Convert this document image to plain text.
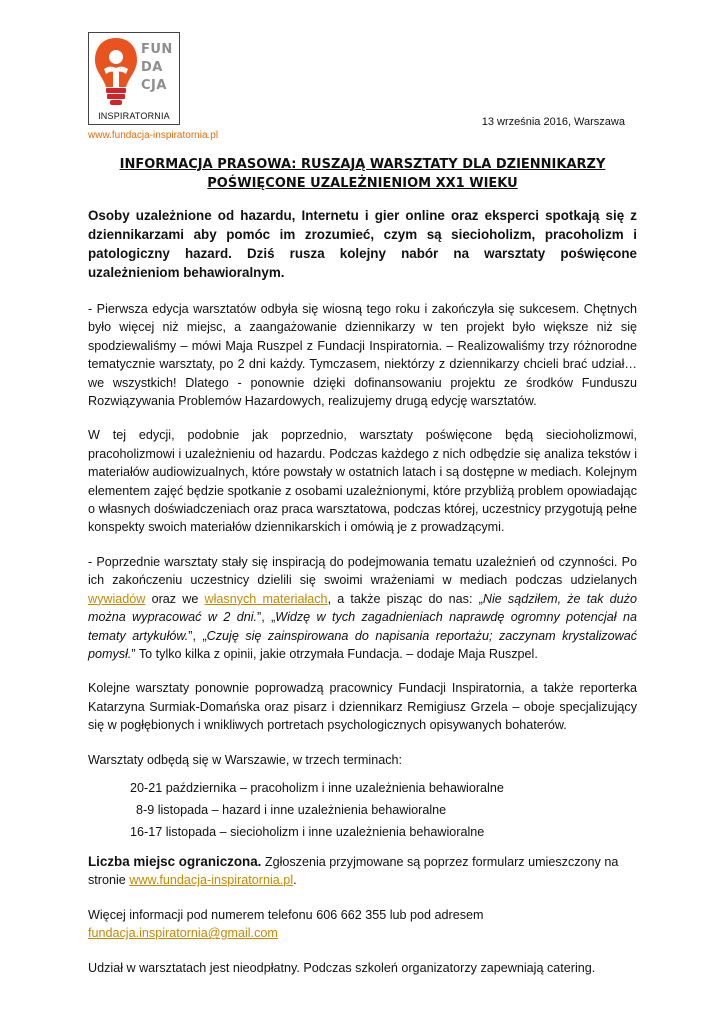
FUN
DA
CJA
INSPIRATORNIA
www.fundacja-inspiratornia.pl
13 września 2016, Warszawa
INFORMACJA PRASOWA: RUSZAJĄ WARSZTATY DLA DZIENNIKARZY
POŚWIĘCONE UZALEŻNIENIOM XX1 WIEKU

Osoby uzależnione od hazardu, Internetu i gier online oraz eksperci spotkają się z dziennikarzami aby pomóc im zrozumieć, czym są siecioholizm, pracoholizm i patologiczny hazard. Dziś rusza kolejny nabór na warsztaty poświęcone uzależnieniom behawioralnym.

- Pierwsza edycja warsztatów odbyła się wiosną tego roku i zakończyła się sukcesem. Chętnych było więcej niż miejsc, a zaangażowanie dziennikarzy w ten projekt było większe niż się spodziewaliśmy – mówi Maja Ruszpel z Fundacji Inspiratornia. – Realizowaliśmy trzy różnorodne tematycznie warsztaty, po 2 dni każdy. Tymczasem, niektórzy z dziennikarzy chcieli brać udział… we wszystkich! Dlatego - ponownie dzięki dofinansowaniu projektu ze środków Funduszu Rozwiązywania Problemów Hazardowych, realizujemy drugą edycję warsztatów.

W tej edycji, podobnie jak poprzednio, warsztaty poświęcone będą siecioholizmowi, pracoholizmowi i uzależnieniu od hazardu. Podczas każdego z nich odbędzie się analiza tekstów i materiałów audiowizualnych, które powstały w ostatnich latach i są dostępne w mediach. Kolejnym elementem zajęć będzie spotkanie z osobami uzależnionymi, które przybliżą problem opowiadając o własnych doświadczeniach oraz praca warsztatowa, podczas której, uczestnicy przygotują pełne konspekty swoich materiałów dziennikarskich i omówią je z prowadzącymi.

- Poprzednie warsztaty stały się inspiracją do podejmowania tematu uzależnień od czynności. Po ich zakończeniu uczestnicy dzielili się swoimi wrażeniami w mediach podczas udzielanych wywiadów oraz we własnych materiałach, a także pisząc do nas: „Nie sądziłem, że tak dużo można wypracować w 2 dni.”, „Widzę w tych zagadnieniach naprawdę ogromny potencjał na tematy artykułów.”, „Czuję się zainspirowana do napisania reportażu; zaczynam krystalizować pomysł.” To tylko kilka z opinii, jakie otrzymała Fundacja. – dodaje Maja Ruszpel.

Kolejne warsztaty ponownie poprowadzą pracownicy Fundacji Inspiratornia, a także reporterka Katarzyna Surmiak-Domańska oraz pisarz i dziennikarz Remigiusz Grzela – oboje specjalizujący się w pogłębionych i wnikliwych portretach psychologicznych opisywanych bohaterów.

Warsztaty odbędą się w Warszawie, w trzech terminach:

20-21 października – pracoholizm i inne uzależnienia behawioralne
8-9 listopada – hazard i inne uzależnienia behawioralne
16-17 listopada – siecioholizm i inne uzależnienia behawioralne

Liczba miejsc ograniczona. Zgłoszenia przyjmowane są poprzez formularz umieszczony na stronie www.fundacja-inspiratornia.pl.

Więcej informacji pod numerem telefonu 606 662 355 lub pod adresem
fundacja.inspiratornia@gmail.com

Udział w warsztatach jest nieodpłatny. Podczas szkoleń organizatorzy zapewniają catering.
